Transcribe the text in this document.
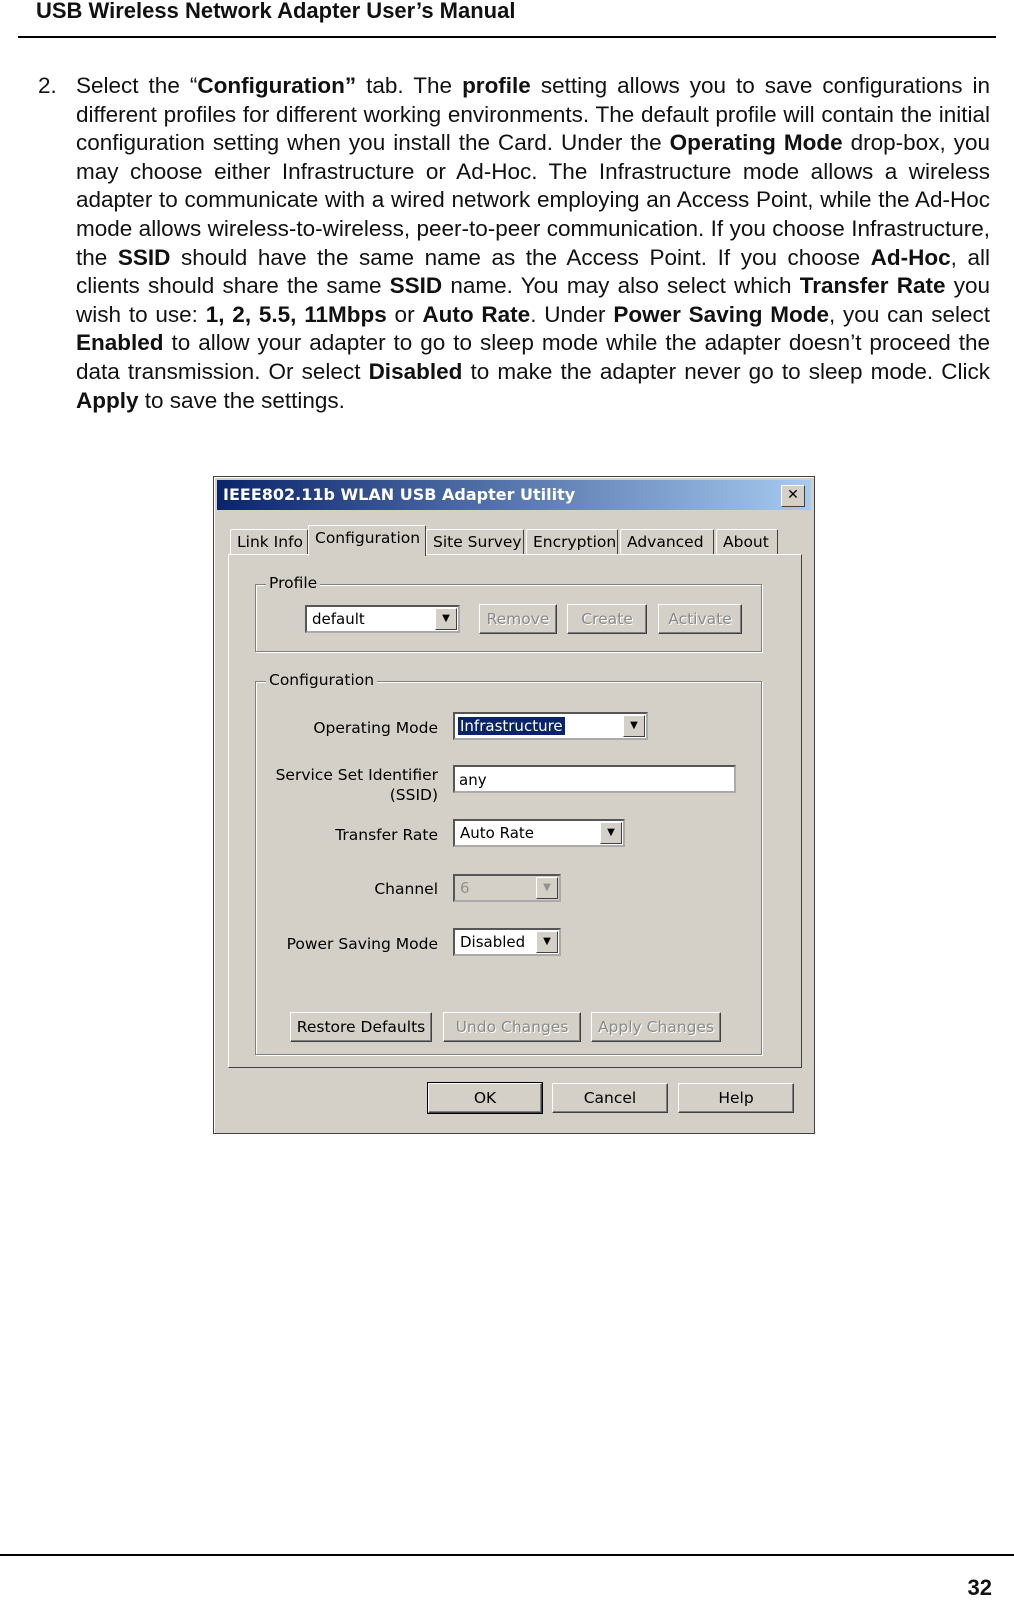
USB Wireless Network Adapter User’s Manual
2. Select the “Configuration” tab. The profile setting allows you to save configurations in different profiles for different working environments. The default profile will contain the initial configuration setting when you install the Card. Under the Operating Mode drop-box, you may choose either Infrastructure or Ad-Hoc. The Infrastructure mode allows a wireless adapter to communicate with a wired network employing an Access Point, while the Ad-Hoc mode allows wireless-to-wireless, peer-to-peer communication. If you choose Infrastructure, the SSID should have the same name as the Access Point. If you choose Ad-Hoc, all clients should share the same SSID name. You may also select which Transfer Rate you wish to use: 1, 2, 5.5, 11Mbps or Auto Rate. Under Power Saving Mode, you can select Enabled to allow your adapter to go to sleep mode while the adapter doesn’t proceed the data transmission. Or select Disabled to make the adapter never go to sleep mode. Click Apply to save the settings.
IEEE802.11b WLAN USB Adapter Utility	✕
Link Info Configuration Site Survey Encryption Advanced	About
Profile
default	▼	Remove	Create	Activate
Configuration
Operating Mode Infrastructure	▼
Service Set Identifier
(SSID)
any
Transfer Rate Auto Rate	▼
Channel 6	▼
Power Saving Mode Disabled	▼
Restore Defaults	Undo Changes	Apply Changes
OK	Cancel	Help
32
